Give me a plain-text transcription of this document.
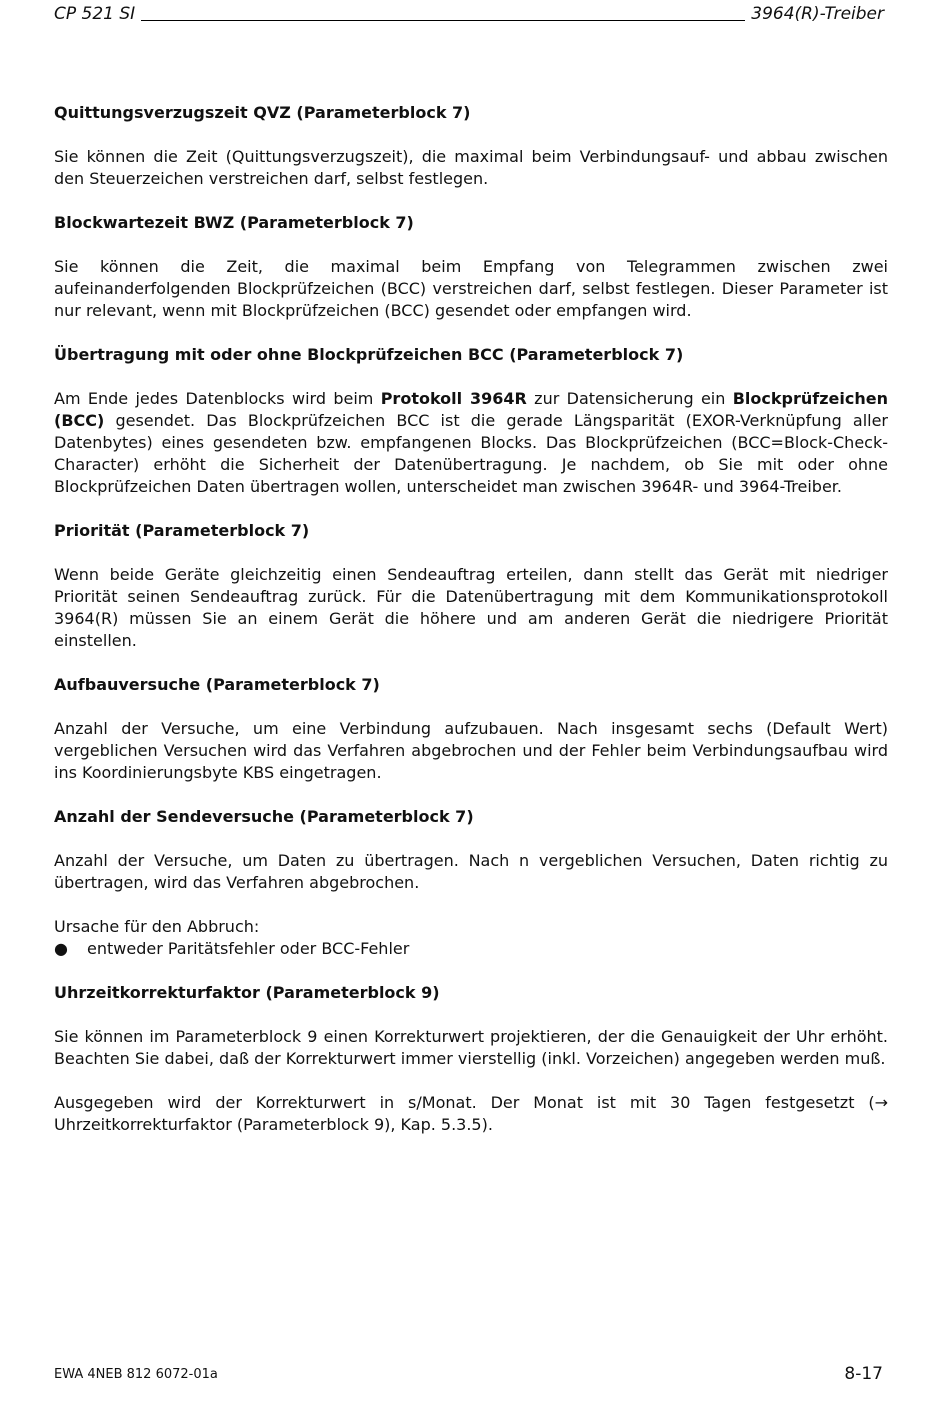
CP 521 SI	3964(R)-Treiber
Quittungsverzugszeit QVZ (Parameterblock 7)
Sie können die Zeit (Quittungsverzugszeit), die maximal beim Verbindungsauf- und abbau zwischen den Steuerzeichen verstreichen darf, selbst festlegen.
Blockwartezeit BWZ (Parameterblock 7)
Sie können die Zeit, die maximal beim Empfang von Telegrammen zwischen zwei aufeinanderfolgenden Blockprüfzeichen (BCC) verstreichen darf, selbst festlegen. Dieser Parameter ist nur relevant, wenn mit Blockprüfzeichen (BCC) gesendet oder empfangen wird.
Übertragung mit oder ohne Blockprüfzeichen BCC (Parameterblock 7)
Am Ende jedes Datenblocks wird beim Protokoll 3964R zur Datensicherung ein Blockprüfzeichen (BCC) gesendet. Das Blockprüfzeichen BCC ist die gerade Längsparität (EXOR-Verknüpfung aller Datenbytes) eines gesendeten bzw. empfangenen Blocks. Das Blockprüfzeichen (BCC=Block-Check-Character) erhöht die Sicherheit der Datenübertragung. Je nachdem, ob Sie mit oder ohne Blockprüfzeichen Daten übertragen wollen, unterscheidet man zwischen 3964R- und 3964-Treiber.
Priorität (Parameterblock 7)
Wenn beide Geräte gleichzeitig einen Sendeauftrag erteilen, dann stellt das Gerät mit niedriger Priorität seinen Sendeauftrag zurück. Für die Datenübertragung mit dem Kommunikationsprotokoll 3964(R) müssen Sie an einem Gerät die höhere und am anderen Gerät die niedrigere Priorität einstellen.
Aufbauversuche (Parameterblock 7)
Anzahl der Versuche, um eine Verbindung aufzubauen. Nach insgesamt sechs (Default Wert) vergeblichen Versuchen wird das Verfahren abgebrochen und der Fehler beim Verbindungsaufbau wird ins Koordinierungsbyte KBS eingetragen.
Anzahl der Sendeversuche (Parameterblock 7)
Anzahl der Versuche, um Daten zu übertragen. Nach n vergeblichen Versuchen, Daten richtig zu übertragen, wird das Verfahren abgebrochen.
Ursache für den Abbruch:
●	entweder Paritätsfehler oder BCC-Fehler
Uhrzeitkorrekturfaktor (Parameterblock 9)
Sie können im Parameterblock 9 einen Korrekturwert projektieren, der die Genauigkeit der Uhr erhöht. Beachten Sie dabei, daß der Korrekturwert immer vierstellig (inkl. Vorzeichen) angegeben werden muß.
Ausgegeben wird der Korrekturwert in s/Monat. Der Monat ist mit 30 Tagen festgesetzt (→ Uhrzeitkorrekturfaktor (Parameterblock 9), Kap. 5.3.5).
EWA 4NEB 812 6072-01a	8-17
